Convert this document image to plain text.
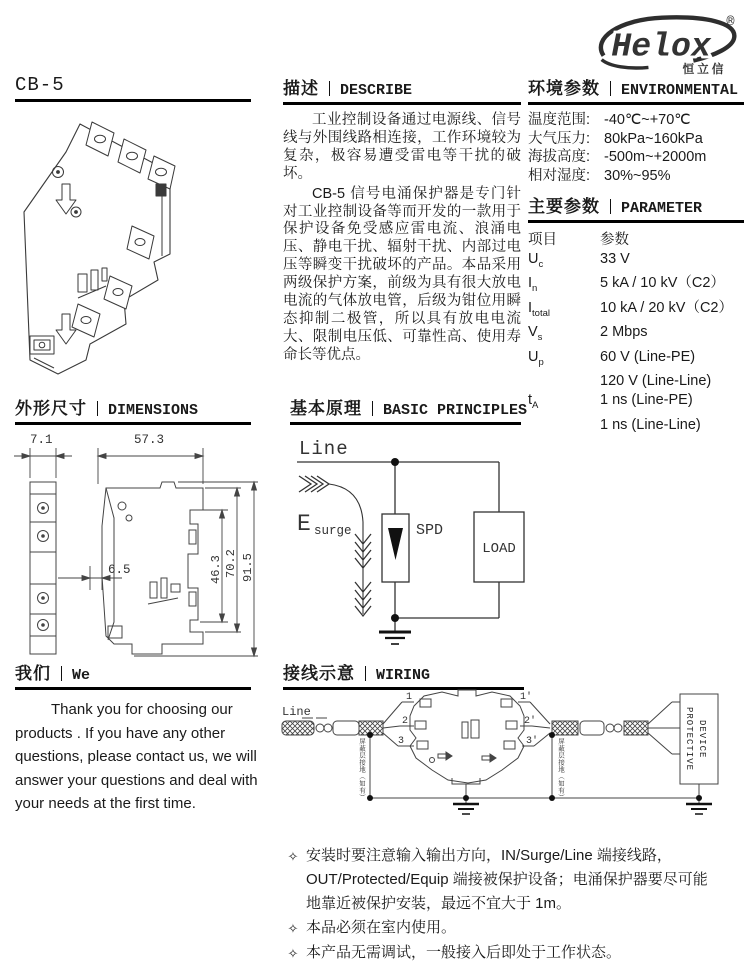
Helox
®
恒立信
CB-5	描述 DESCRIBE
工业控制设备通过电源线、信号线与外围线路相连接，工作环境较为复杂，极容易遭受雷电等干扰的破坏。
CB-5 信号电涌保护器是专门针对工业控制设备等而开发的一款用于保护设备免受感应雷电流、浪涌电压、静电干扰、辐射干扰、内部过电压等瞬变干扰破坏的产品。本品采用两级保护方案，前级为具有很大放电电流的气体放电管，后级为钳位用瞬态抑制二极管，所以具有放电电流大、限制电压低、可靠性高、使用寿命长等优点。
环境参数 ENVIRONMENTAL
温度范围: -40℃~+70℃
大气压力: 80kPa~160kPa
海拔高度: -500m~+2000m
相对湿度: 30%~95%
主要参数 PARAMETER
项目	参数
$U_c$	33 V
$I_n$	5 kA / 10 kV（C2）
$I_{total}$	10 kA / 20 kV（C2）
$V_s$	2 Mbps
$U_p$	60 V (Line-PE)
120 V (Line-Line)
$t_A$	1 ns (Line-PE)
1 ns (Line-Line)
外形尺寸 DIMENSIONS
7.1	57.3
6.5	46.3 70.2 91.5
基本原理 BASIC PRINCIPLES
Line
E surge	SPD
LOAD
我们 We
Thank you for choosing our products . If you have any other questions, please contact us, we will answer your questions and deal with your needs at the first time.
接线示意 WIRING
Line
1
2
3
1'
2'
3'
屏蔽层接地（如有）	屏蔽层接地（如有）	PROTECTIVE DEVICE
✧ 安装时要注意输入输出方向，IN/Surge/Line 端接线路，OUT/Protected/Equip 端接被保护设备；电涌保护器要尽可能地靠近被保护安装，最远不宜大于 1m。
✧ 本品必须在室内使用。
✧ 本产品无需调试，一般接入后即处于工作状态。
